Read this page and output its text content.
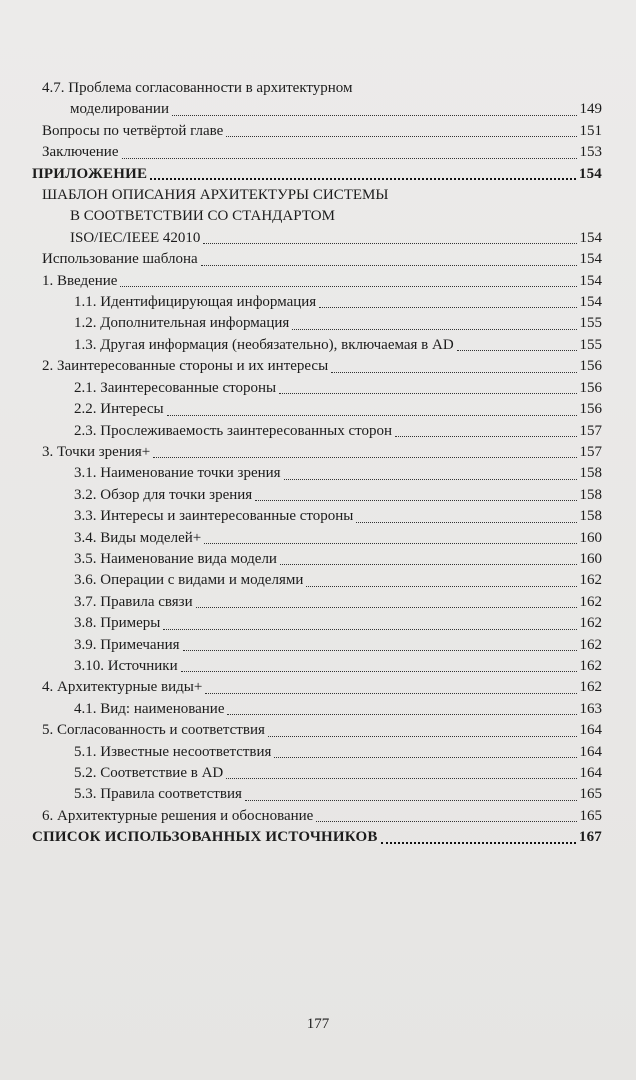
4.7. Проблема согласованности в архитектурном
моделировании	149
Вопросы по четвёртой главе	151
Заключение	153
ПРИЛОЖЕНИЕ	154
ШАБЛОН ОПИСАНИЯ АРХИТЕКТУРЫ СИСТЕМЫ
В СООТВЕТСТВИИ СО СТАНДАРТОМ
ISO/IEC/IEEE 42010	154
Использование шаблона	154
1. Введение	154
1.1. Идентифицирующая информация	154
1.2. Дополнительная информация	155
1.3. Другая информация (необязательно), включаемая в AD	155
2. Заинтересованные стороны и их интересы	156
2.1. Заинтересованные стороны	156
2.2. Интересы	156
2.3. Прослеживаемость заинтересованных сторон	157
3. Точки зрения+	157
3.1. Наименование точки зрения	158
3.2. Обзор для точки зрения	158
3.3. Интересы и заинтересованные стороны	158
3.4. Виды моделей+	160
3.5. Наименование вида модели	160
3.6. Операции с видами и моделями	162
3.7. Правила связи	162
3.8. Примеры	162
3.9. Примечания	162
3.10. Источники	162
4. Архитектурные виды+	162
4.1. Вид: наименование	163
5. Согласованность и соответствия	164
5.1. Известные несоответствия	164
5.2. Соответствие в AD	164
5.3. Правила соответствия	165
6. Архитектурные решения и обоснование	165
СПИСОК ИСПОЛЬЗОВАННЫХ ИСТОЧНИКОВ	167
177
